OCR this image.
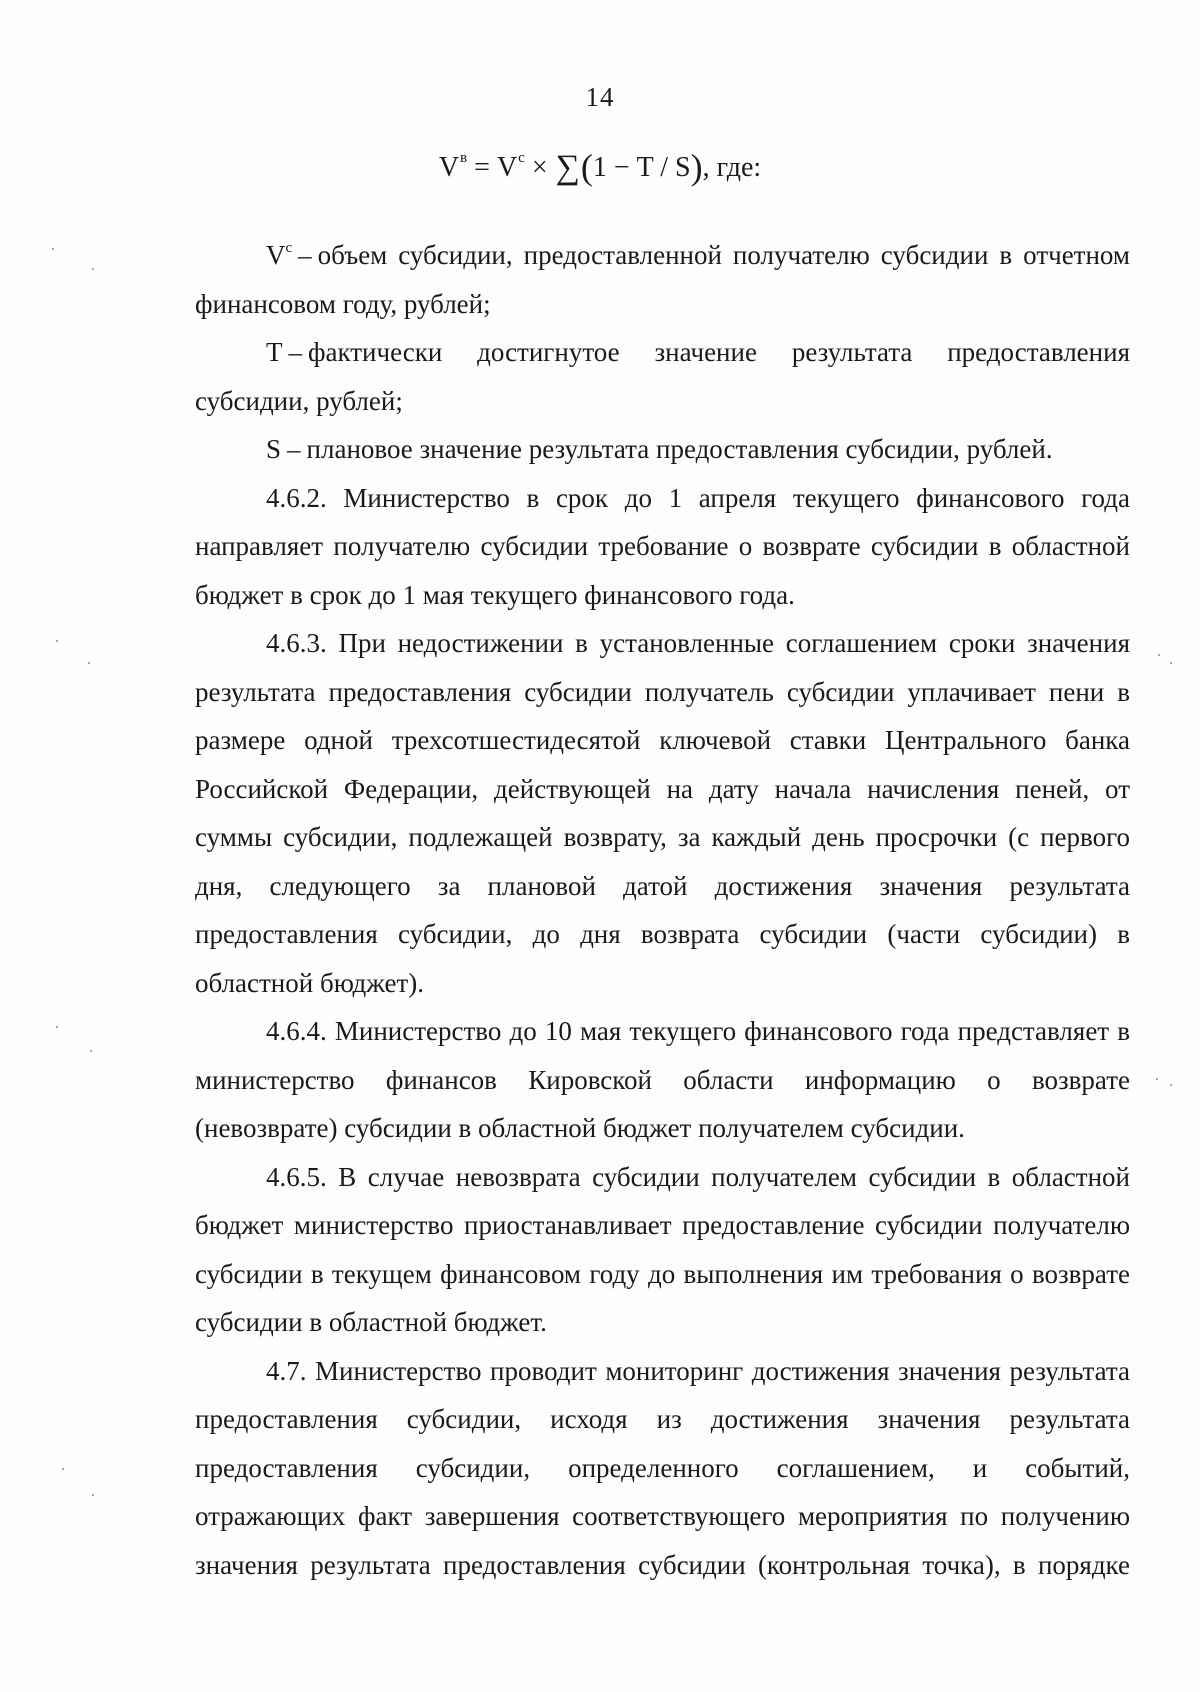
14
$V^в = V^с \times \sum(1 - T / S)$, где:

$V^с$ – объем субсидии, предоставленной получателю субсидии в отчетном финансовом году, рублей;

T – фактически достигнутое значение результата предоставления субсидии, рублей;

S – плановое значение результата предоставления субсидии, рублей.

4.6.2. Министерство в срок до 1 апреля текущего финансового года направляет получателю субсидии требование о возврате субсидии в областной бюджет в срок до 1 мая текущего финансового года.

4.6.3. При недостижении в установленные соглашением сроки значения результата предоставления субсидии получатель субсидии уплачивает пени в размере одной трехсотшестидесятой ключевой ставки Центрального банка Российской Федерации, действующей на дату начала начисления пеней, от суммы субсидии, подлежащей возврату, за каждый день просрочки (с первого дня, следующего за плановой датой достижения значения результата предоставления субсидии, до дня возврата субсидии (части субсидии) в областной бюджет).

4.6.4. Министерство до 10 мая текущего финансового года представляет в министерство финансов Кировской области информацию о возврате (невозврате) субсидии в областной бюджет получателем субсидии.

4.6.5. В случае невозврата субсидии получателем субсидии в областной бюджет министерство приостанавливает предоставление субсидии получателю субсидии в текущем финансовом году до выполнения им требования о возврате субсидии в областной бюджет.

4.7. Министерство проводит мониторинг достижения значения результата предоставления субсидии, исходя из достижения значения результата предоставления субсидии, определенного соглашением, и событий, отражающих факт завершения соответствующего мероприятия по получению значения результата предоставления субсидии (контрольная точка), в порядке
